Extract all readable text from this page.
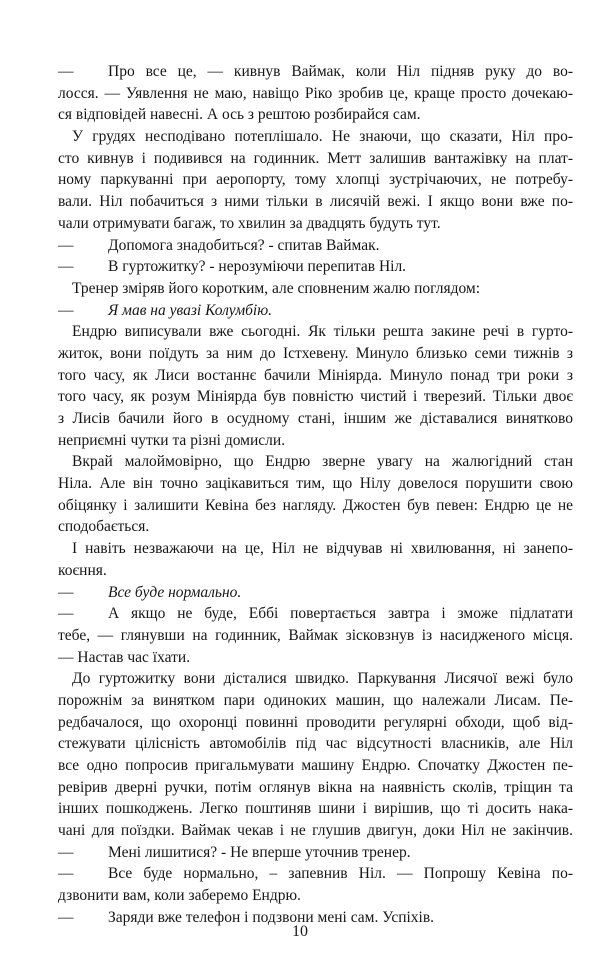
— Про все це, — кивнув Ваймак, коли Ніл підняв руку до во-
лосся. — Уявлення не маю, навіщо Ріко зробив це, краще просто дочекаю-
ся відповідей навесні. А ось з рештою розбирайся сам.
У грудях несподівано потеплішало. Не знаючи, що сказати, Ніл про-
сто кивнув і подивився на годинник. Метт залишив вантажівку на плат-
ному паркуванні при аеропорту, тому хлопці зустрічаючих, не потребу-
вали. Ніл побачиться з ними тільки в лисячій вежі. І якщо вони вже по-
чали отримувати багаж, то хвилин за двадцять будуть тут.
— Допомога знадобиться? - спитав Ваймак.
— В гуртожитку? - нерозуміючи перепитав Ніл.
Тренер зміряв його коротким, але сповненим жалю поглядом:
— Я мав на увазі Колумбію.
Ендрю виписували вже сьогодні. Як тільки решта закине речі в гурто-
житок, вони поїдуть за ним до Істхевену. Минуло близько семи тижнів з
того часу, як Лиси востаннє бачили Мініярда. Минуло понад три роки з
того часу, як розум Мініярда був повністю чистий і тверезий. Тільки двоє
з Лисів бачили його в осудному стані, іншим же діставалися винятково
неприємні чутки та різні домисли.
Вкрай малоймовірно, що Ендрю зверне увагу на жалюгідний стан
Ніла. Але він точно зацікавиться тим, що Нілу довелося порушити свою
обіцянку і залишити Кевіна без нагляду. Джостен був певен: Ендрю це не
сподобається.
І навіть незважаючи на це, Ніл не відчував ні хвилювання, ні занепо-
коєння.
— Все буде нормально.
— А якщо не буде, Еббі повертається завтра і зможе підлатати
тебе, — глянувши на годинник, Ваймак зісковзнув із насидженого місця.
— Настав час їхати.
До гуртожитку вони дісталися швидко. Паркування Лисячої вежі було
порожнім за винятком пари одиноких машин, що належали Лисам. Пе-
редбачалося, що охоронці повинні проводити регулярні обходи, щоб від-
стежувати цілісність автомобілів під час відсутності власників, але Ніл
все одно попросив пригальмувати машину Ендрю. Спочатку Джостен пе-
ревірив дверні ручки, потім оглянув вікна на наявність сколів, тріщин та
інших пошкоджень. Легко поштиняв шини і вирішив, що ті досить нака-
чані для поїздки. Ваймак чекав і не глушив двигун, доки Ніл не закінчив.
— Мені лишитися? - Не вперше уточнив тренер.
— Все буде нормально, – запевнив Ніл. — Попрошу Кевіна по-
дзвонити вам, коли заберемо Ендрю.
— Заряди вже телефон і подзвони мені сам. Успіхів.
10
